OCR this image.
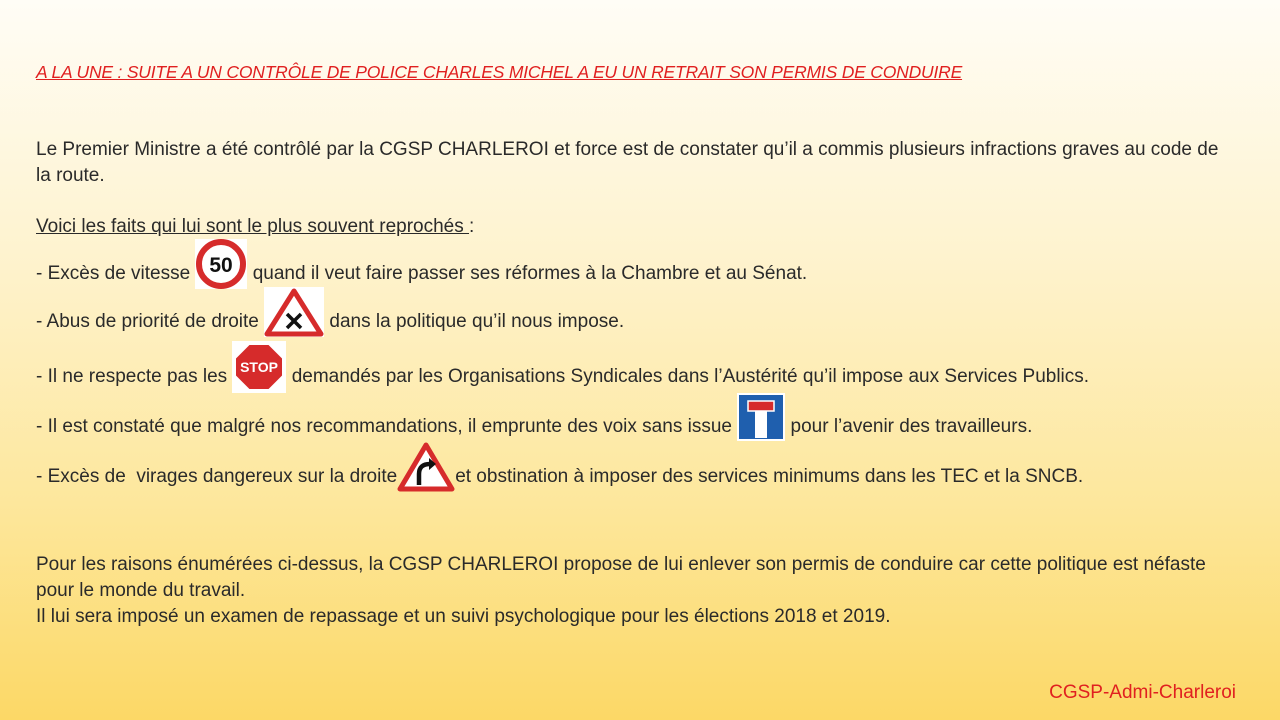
A LA UNE : SUITE A UN CONTRÔLE DE POLICE CHARLES MICHEL A EU UN RETRAIT SON PERMIS DE CONDUIRE
Le Premier Ministre a été contrôlé par la CGSP CHARLEROI et force est de constater qu’il a commis plusieurs infractions graves au code de la route.
Voici les faits qui lui sont le plus souvent reprochés :
- Excès de vitesse 50 quand il veut faire passer ses réformes à la Chambre et au Sénat.
- Abus de priorité de droite	dans la politique qu’il nous impose.
- Il ne respecte pas les STOP demandés par les Organisations Syndicales dans l’Austérité qu’il impose aux Services Publics.
- Il est constaté que malgré nos recommandations, il emprunte des voix sans issue	pour l’avenir des travailleurs.
- Excès de  virages dangereux sur la droite	et obstination à imposer des services minimums dans les TEC et la SNCB.
Pour les raisons énumérées ci-dessus, la CGSP CHARLEROI propose de lui enlever son permis de conduire car cette politique est néfaste pour le monde du travail.
Il lui sera imposé un examen de repassage et un suivi psychologique pour les élections 2018 et 2019.
CGSP-Admi-Charleroi
